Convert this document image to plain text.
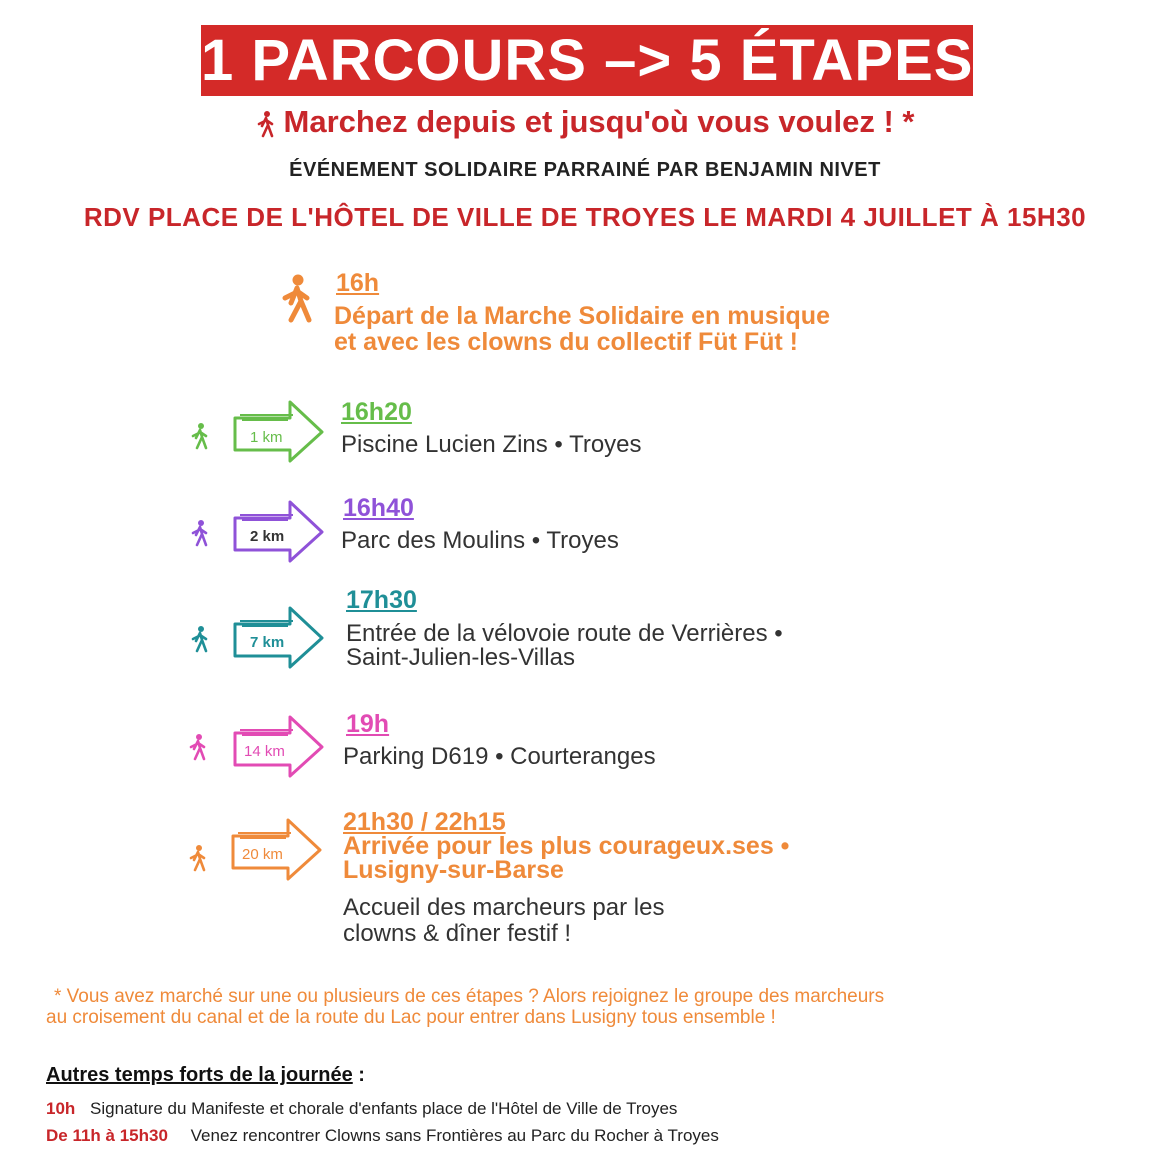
1 PARCOURS –> 5 ÉTAPES
Marchez depuis et jusqu'où vous voulez ! *
ÉVÉNEMENT SOLIDAIRE PARRAINÉ PAR BENJAMIN NIVET
RDV PLACE DE L'HÔTEL DE VILLE DE TROYES LE MARDI 4 JUILLET À 15H30
16h
Départ de la Marche Solidaire en musique
et avec les clowns du collectif Füt Füt !
1 km
16h20
Piscine Lucien Zins • Troyes
2 km
16h40
Parc des Moulins • Troyes
7 km
17h30
Entrée de la vélovoie route de Verrières •
Saint-Julien-les-Villas
14 km
19h
Parking D619 • Courteranges
20 km
21h30 / 22h15
Arrivée pour les plus courageux.ses •
Lusigny-sur-Barse
Accueil des marcheurs par les
clowns & dîner festif !
* Vous avez marché sur une ou plusieurs de ces étapes ? Alors rejoignez le groupe des marcheurs
au croisement du canal et de la route du Lac pour entrer dans Lusigny tous ensemble !
Autres temps forts de la journée :
10h Signature du Manifeste et chorale d'enfants place de l'Hôtel de Ville de Troyes
De 11h à 15h30 Venez rencontrer Clowns sans Frontières au Parc du Rocher à Troyes
